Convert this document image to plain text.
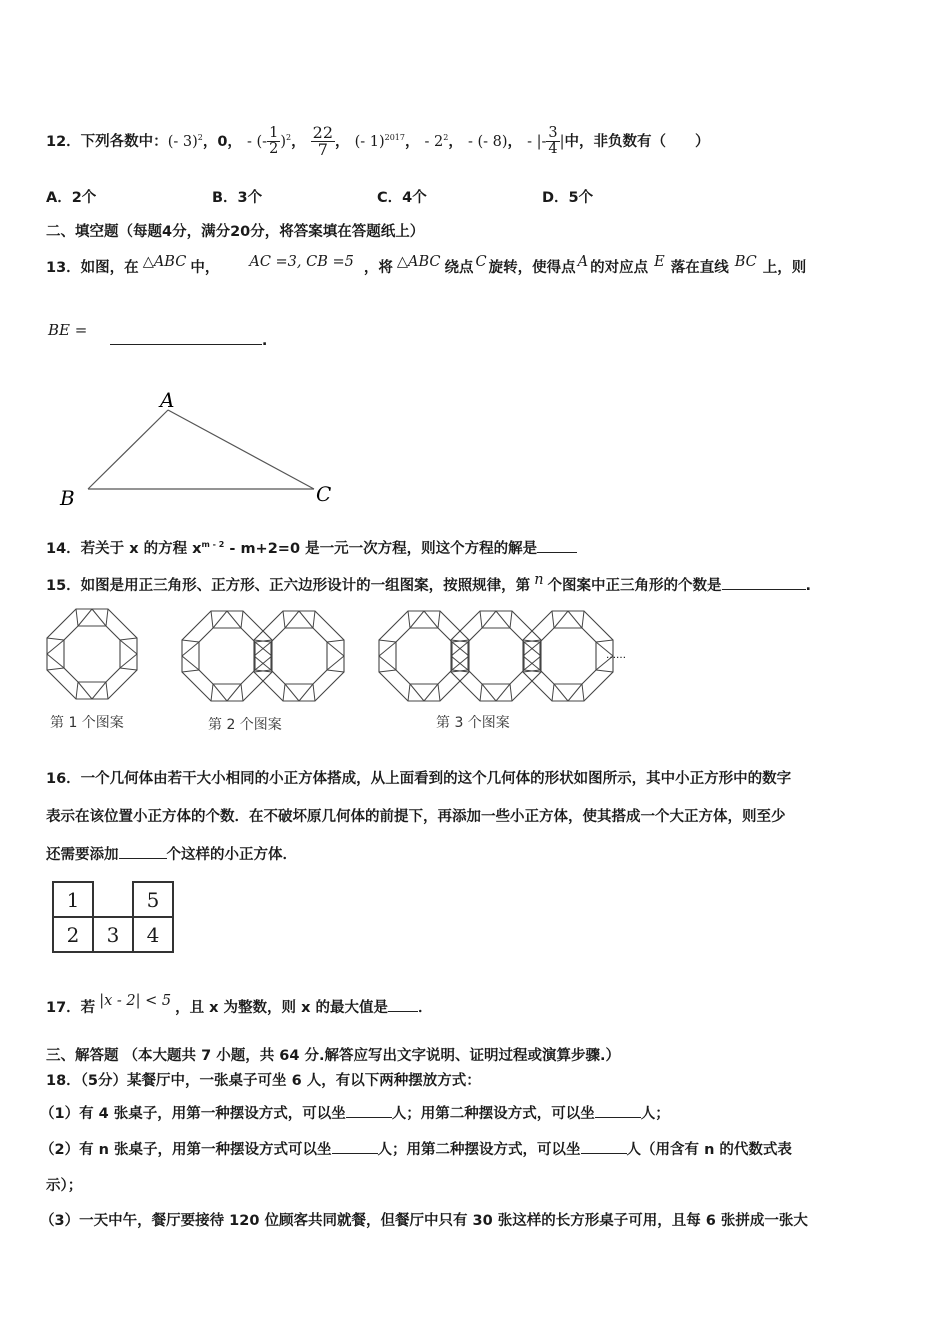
12．下列各数中：(- 3)$^2$，0， - (- $\frac{1}{2} )^2$， $\frac{22}{7}$ ， (- 1)$^{2017}$， - $2^2$， - (- 8)， - |- $\frac{3}{4}$ |中，非负数有（　　）
A．2个	B．3个	C．4个	D．5个
二、填空题（每题4分，满分20分，将答案填在答题纸上）
13．如图，在 △ABC 中， AC =3, CB =5 ，将 △ABC 绕点 C 旋转，使得点 A 的对应点 E 落在直线 BC 上，则
BE = .
A
B	C
14．若关于 x 的方程 $x^{m - 2} - m+2=0$ 是一元一次方程，则这个方程的解是
15．如图是用正三角形、正方形、正六边形设计的一组图案，按照规律，第 n 个图案中正三角形的个数是	.
……
第 1 个图案	第 2 个图案	第 3 个图案
16．一个几何体由若干大小相同的小正方体搭成，从上面看到的这个几何体的形状如图所示，其中小正方形中的数字
表示在该位置小正方体的个数．在不破坏原几何体的前提下，再添加一些小正方体，使其搭成一个大正方体，则至少
还需要添加	个这样的小正方体．
1		5
2	3	4
17．若 |x - 2| < 5 ，且 x 为整数，则 x 的最大值是 ．
三、解答题 （本大题共 7 小题，共 64 分.解答应写出文字说明、证明过程或演算步骤.）
18．（5分）某餐厅中，一张桌子可坐 6 人，有以下两种摆放方式：
（1）有 4 张桌子，用第一种摆设方式，可以坐	人；用第二种摆设方式，可以坐	人；
（2）有 n 张桌子，用第一种摆设方式可以坐	人；用第二种摆设方式，可以坐	人（用含有 n 的代数式表
示）；
（3）一天中午，餐厅要接待 120 位顾客共同就餐，但餐厅中只有 30 张这样的长方形桌子可用，且每 6 张拼成一张大
